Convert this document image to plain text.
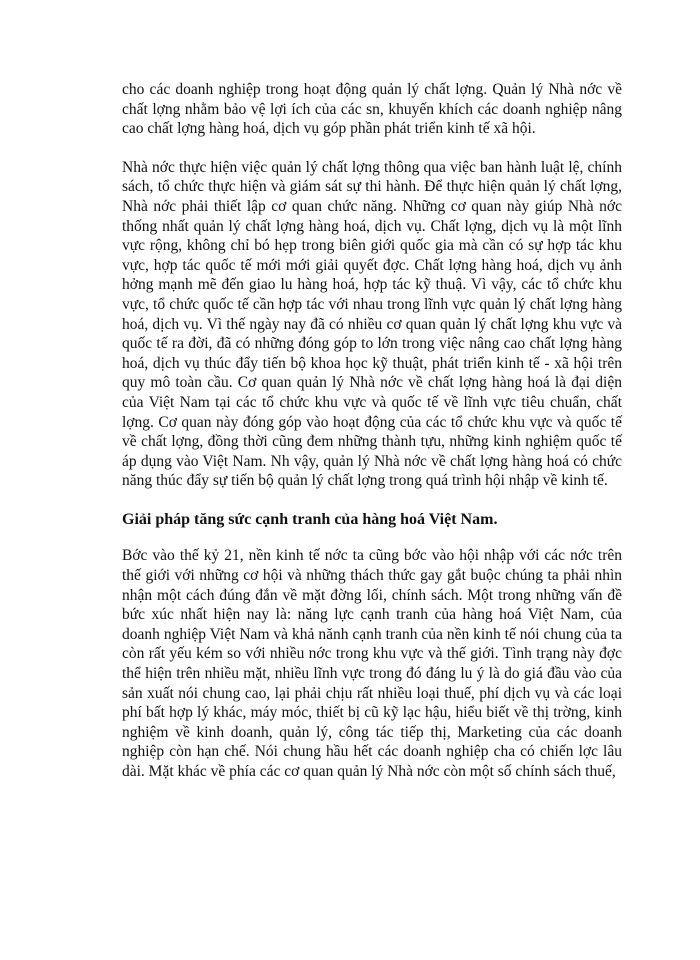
cho các doanh nghiệp trong hoạt động quản lý chất lợng. Quản lý Nhà nớc về chất lợng nhằm bảo vệ lợi ích của các sn, khuyến khích các doanh nghiệp nâng cao chất lợng hàng hoá, dịch vụ góp phần phát triển kinh tế xã hội.

Nhà nớc thực hiện việc quản lý chất lợng thông qua việc ban hành luật lệ, chính sách, tổ chức thực hiện và giám sát sự thi hành. Để thực hiện quản lý chất lợng, Nhà nớc phải thiết lập cơ quan chức năng. Những cơ quan này giúp Nhà nớc thống nhất quản lý chất lợng hàng hoá, dịch vụ. Chất lợng, dịch vụ là một lĩnh vực rộng, không chỉ bó hẹp trong biên giới quốc gia mà cần có sự hợp tác khu vực, hợp tác quốc tế mới mới giải quyết đợc. Chất lợng hàng hoá, dịch vụ ảnh hởng mạnh mẽ đến giao lu hàng hoá, hợp tác kỹ thuậ. Vì vậy, các tổ chức khu vực, tổ chức quốc tế cần hợp tác với nhau trong lĩnh vực quản lý chất lợng hàng hoá, dịch vụ. Vì thế ngày nay đã có nhiều cơ quan quản lý chất lợng khu vực và quốc tế ra đời, đã có những đóng góp to lớn trong việc nâng cao chất lợng hàng hoá, dịch vụ thúc đẩy tiến bộ khoa học kỹ thuật, phát triển kinh tế - xã hội trên quy mô toàn cầu. Cơ quan quản lý Nhà nớc về chất lợng hàng hoá là đại diện của Việt Nam tại các tổ chức khu vực và quốc tế về lĩnh vực tiêu chuẩn, chất lợng. Cơ quan này đóng góp vào hoạt động của các tổ chức khu vực và quốc tế về chất lợng, đồng thời cũng đem những thành tựu, những kinh nghiệm quốc tế áp dụng vào Việt Nam. Nh vậy, quản lý Nhà nớc về chất lợng hàng hoá có chức năng thúc đẩy sự tiến bộ quản lý chất lợng trong quá trình hội nhập về kinh tế.

Giải pháp tăng sức cạnh tranh của hàng hoá Việt Nam.

Bớc vào thế kỷ 21, nền kinh tế nớc ta cũng bớc vào hội nhập với các nớc trên thế giới với những cơ hội và những thách thức gay gắt buộc chúng ta phải nhìn nhận một cách đúng đắn về mặt đờng lối, chính sách. Một trong những vấn đề bức xúc nhất hiện nay là: năng lực cạnh tranh của hàng hoá Việt Nam, của doanh nghiệp Việt Nam và khả nănh cạnh tranh của nền kinh tế nói chung của ta còn rất yếu kém so với nhiều nớc trong khu vực và thế giới. Tình trạng này đợc thể hiện trên nhiều mặt, nhiều lĩnh vực trong đó đáng lu ý là do giá đầu vào của sản xuất nói chung cao, lại phải chịu rất nhiều loại thuế, phí dịch vụ và các loại phí bất hợp lý khác, máy móc, thiết bị cũ kỹ lạc hậu, hiểu biết về thị trờng, kinh nghiệm về kinh doanh, quản lý, công tác tiếp thị, Marketing của các doanh nghiệp còn hạn chế. Nói chung hầu hết các doanh nghiệp cha có chiến lợc lâu dài. Mặt khác về phía các cơ quan quản lý Nhà nớc còn một số chính sách thuế,
